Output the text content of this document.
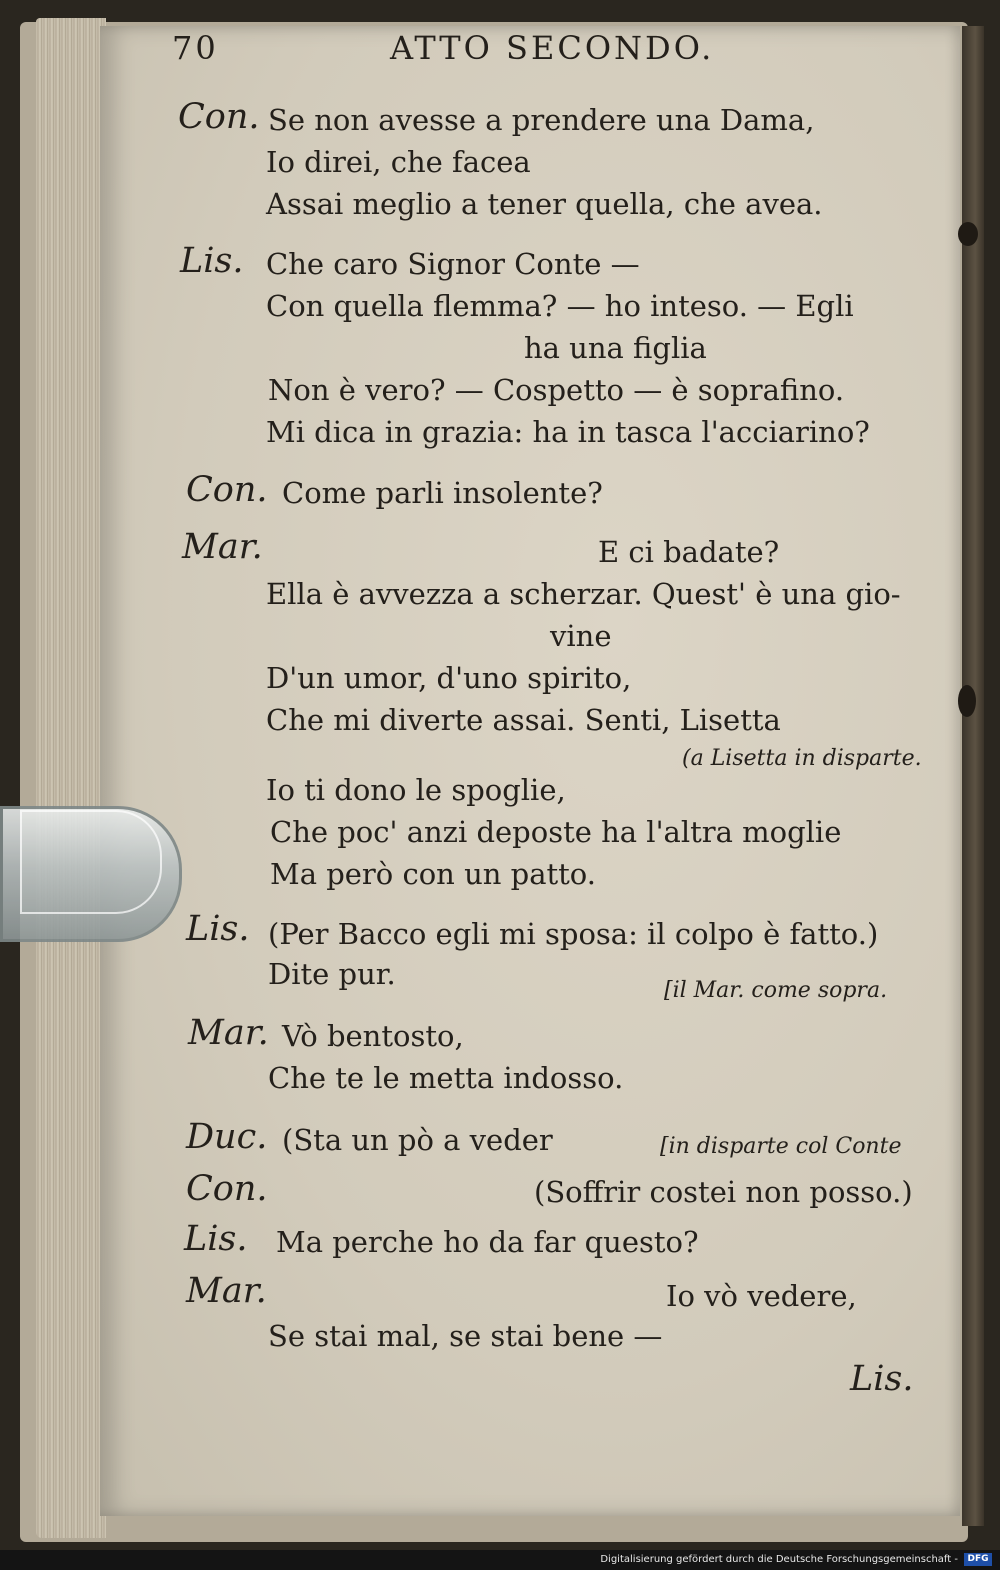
70	ATTO SECONDO.
Con. Se non avesse a prendere una Dama,
Io direi, che facea
Assai meglio a tener quella, che avea.
Lis. Che caro Signor Conte —
Con quella flemma? — ho inteso. — Egli
ha una figlia
Non è vero? — Cospetto — è soprafino.
Mi dica in grazia: ha in tasca l'acciarino?
Con. Come parli insolente?
Mar.	E ci badate?
Ella è avvezza a scherzar. Quest' è una gio-
vine
D'un umor, d'uno spirito,
Che mi diverte assai. Senti, Lisetta
(a Lisetta in disparte.
Io ti dono le spoglie,
Che poc' anzi deposte ha l'altra moglie
Ma però con un patto.
Lis. (Per Bacco egli mi sposa: il colpo è fatto.)
Dite pur.	[il Mar. come sopra.
Mar. Vò bentosto,
Che te le metta indosso.
Duc. (Sta un pò a veder	[in disparte col Conte
Con.	(Soffrir costei non posso.)
Lis. Ma perche ho da far questo?
Mar.	Io vò vedere,
Se stai mal, se stai bene —
Lis.
Digitalisierung gefördert durch die Deutsche Forschungsgemeinschaft -	DFG
